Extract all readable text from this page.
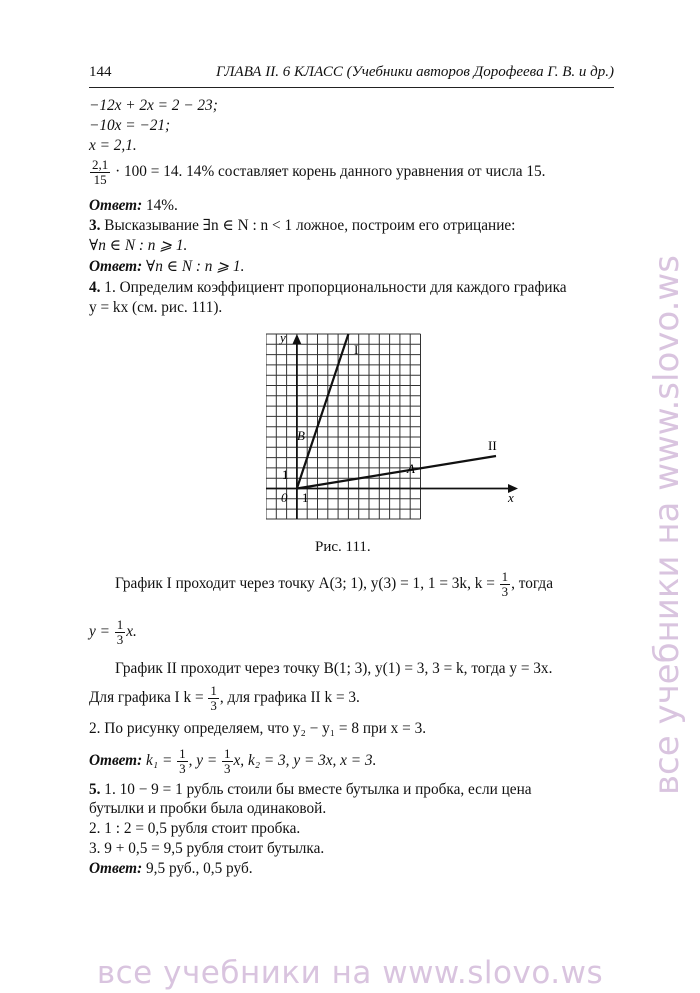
144	ГЛАВА II. 6 КЛАСС (Учебники авторов Дорофеева Г. В. и др.)
−12x + 2x = 2 − 23;
−10x = −21;
x = 2,1.
$\frac{2,1}{15} \cdot 100 = 14$. 14% составляет корень данного уравнения от числа 15.
Ответ: 14%.
3. Высказывание ∃n ∈ N : n < 1 ложное, построим его отрицание:
∀n ∈ N : n ⩾ 1.
Ответ: ∀n ∈ N : n ⩾ 1.
4. 1. Определим коэффициент пропорциональности для каждого графика
y = kx (см. рис. 111).
y
x
0 1
1
I
II
A
B
Рис. 111.
График I проходит через точку A(3; 1), y(3) = 1, 1 = 3k, $k = \frac{1}{3}$ , тогда
$y = \frac{1}{3} x$.
График II проходит через точку B(1; 3), y(1) = 3, 3 = k, тогда y = 3x.
Для графика I $k = \frac{1}{3}$ , для графика II k = 3.
2. По рисунку определяем, что y₂ − y₁ = 8 при x = 3.
Ответ: $k_1 = \frac{1}{3}$ , $y = \frac{1}{3} x$, k₂ = 3, y = 3x, x = 3.
5. 1. 10 − 9 = 1 рубль стоили бы вместе бутылка и пробка, если цена
бутылки и пробки была одинаковой.
2. 1 : 2 = 0,5 рубля стоит пробка.
3. 9 + 0,5 = 9,5 рубля стоит бутылка.
Ответ: 9,5 руб., 0,5 руб.
все учебники на www.slovo.ws
все учебники на www.slovo.ws
